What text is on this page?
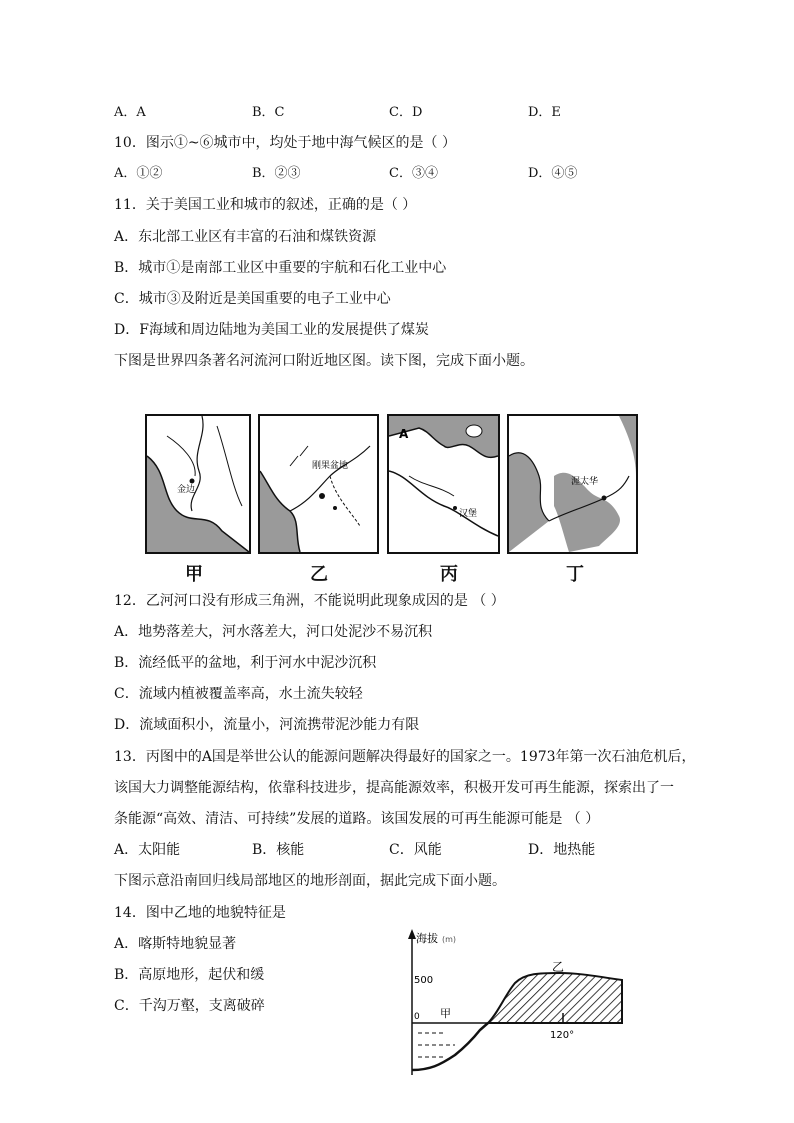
A．A	B．C	C．D	D．E
10．图示①~⑥城市中，均处于地中海气候区的是（ ）
A．①②	B．②③	C．③④	D．④⑤
11．关于美国工业和城市的叙述，正确的是（ ）
A．东北部工业区有丰富的石油和煤铁资源
B．城市①是南部工业区中重要的宇航和石化工业中心
C．城市③及附近是美国重要的电子工业中心
D．F海域和周边陆地为美国工业的发展提供了煤炭
下图是世界四条著名河流河口附近地区图。读下图，完成下面小题。
金边
刚果盆地
A
汉堡
渥太华
甲	乙	丙	丁
12．乙河河口没有形成三角洲，不能说明此现象成因的是 （ ）
A．地势落差大，河水落差大，河口处泥沙不易沉积
B．流经低平的盆地，利于河水中泥沙沉积
C．流域内植被覆盖率高，水土流失较轻
D．流域面积小，流量小，河流携带泥沙能力有限
13．丙图中的A国是举世公认的能源问题解决得最好的国家之一。1973年第一次石油危机后，
该国大力调整能源结构，依靠科技进步，提高能源效率，积极开发可再生能源，探索出了一
条能源“高效、清洁、可持续”发展的道路。该国发展的可再生能源可能是 （ ）
A．太阳能	B．核能	C．风能	D．地热能
下图示意沿南回归线局部地区的地形剖面，据此完成下面小题。
14．图中乙地的地貌特征是
A．喀斯特地貌显著
B．高原地形，起伏和缓
C．千沟万壑，支离破碎
海拔 (m)
500
0 甲
乙
120°
